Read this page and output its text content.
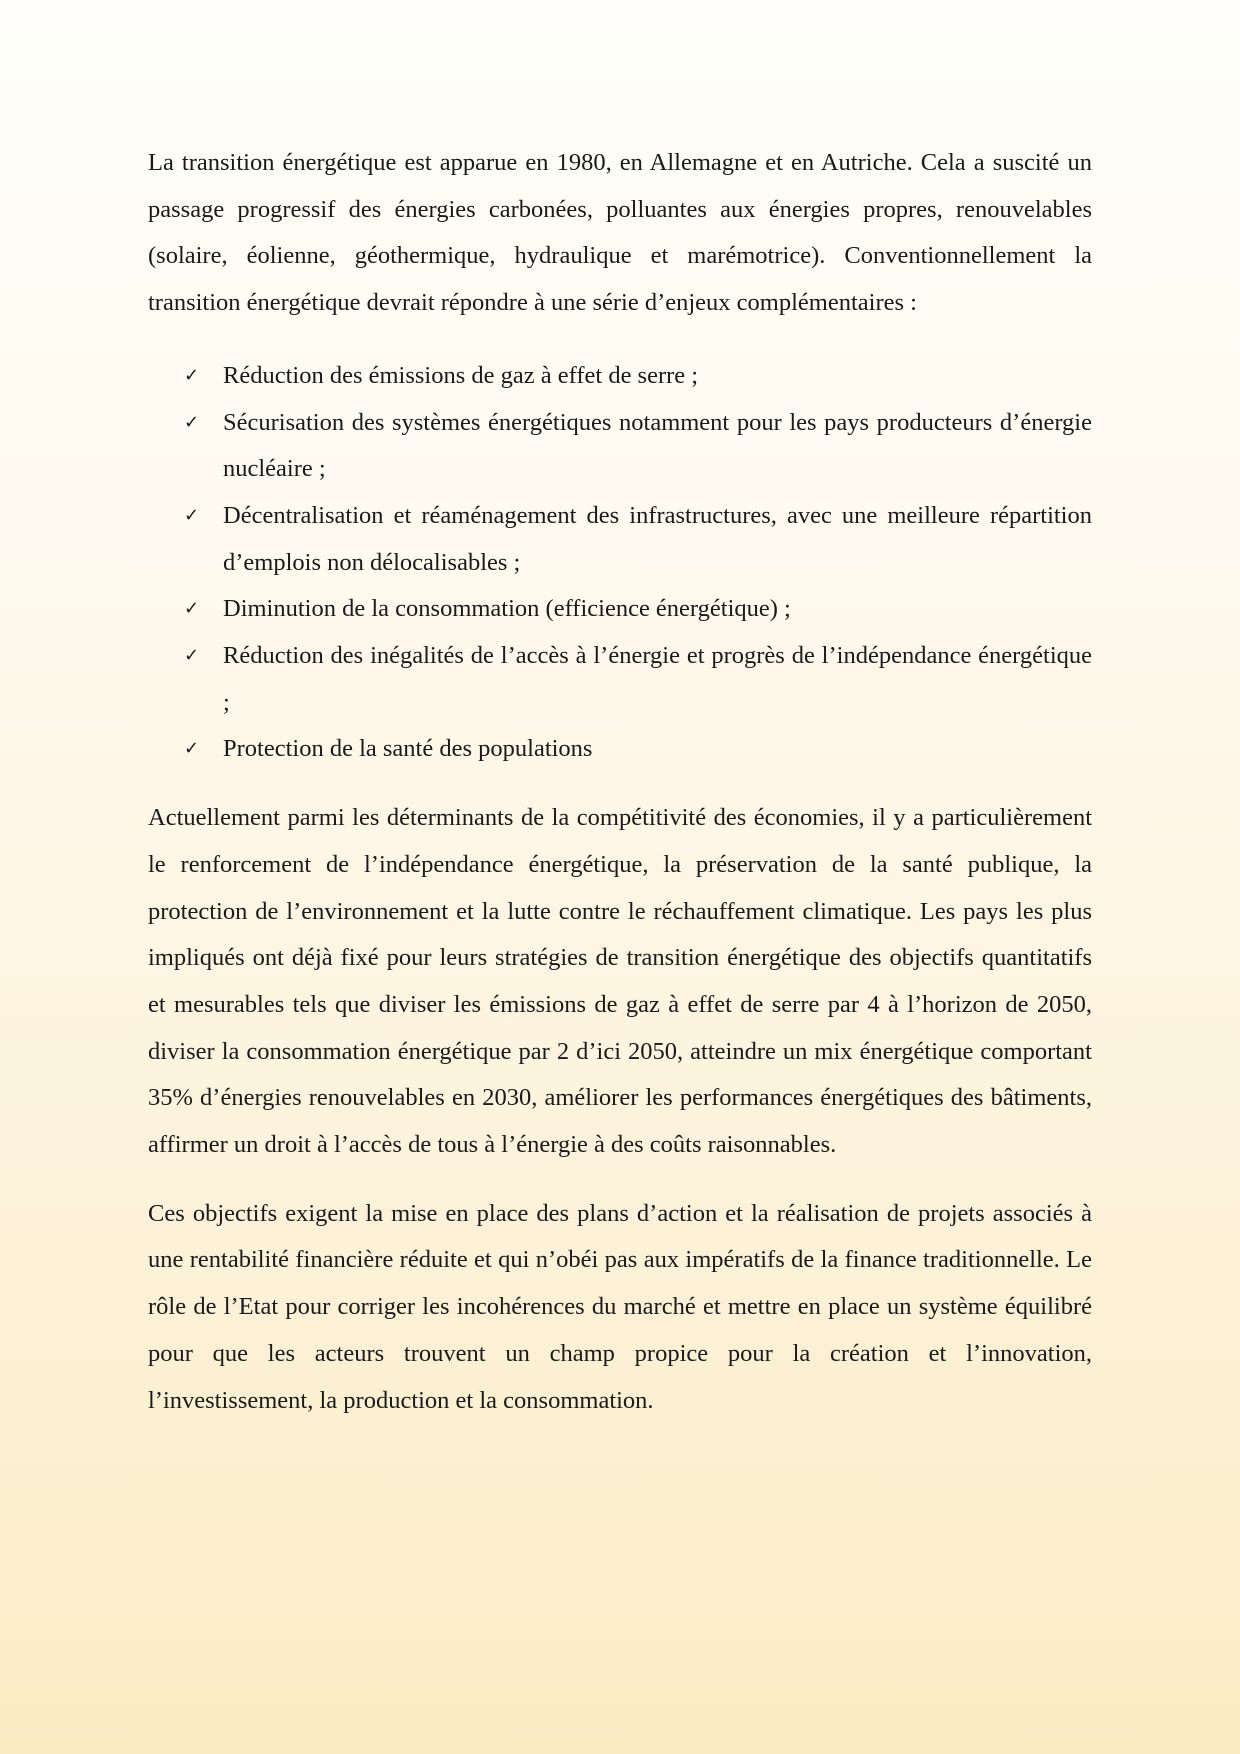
La transition énergétique est apparue en 1980, en Allemagne et en Autriche. Cela a suscité un passage progressif des énergies carbonées, polluantes aux énergies propres, renouvelables (solaire, éolienne, géothermique, hydraulique et marémotrice). Conventionnellement la transition énergétique devrait répondre à une série d’enjeux complémentaires :

✓ Réduction des émissions de gaz à effet de serre ;
✓ Sécurisation des systèmes énergétiques notamment pour les pays producteurs d’énergie nucléaire ;
✓ Décentralisation et réaménagement des infrastructures, avec une meilleure répartition d’emplois non délocalisables ;
✓ Diminution de la consommation (efficience énergétique) ;
✓ Réduction des inégalités de l’accès à l’énergie et progrès de l’indépendance énergétique ;
✓ Protection de la santé des populations

Actuellement parmi les déterminants de la compétitivité des économies, il y a particulièrement le renforcement de l’indépendance énergétique, la préservation de la santé publique, la protection de l’environnement et la lutte contre le réchauffement climatique. Les pays les plus impliqués ont déjà fixé pour leurs stratégies de transition énergétique des objectifs quantitatifs et mesurables tels que diviser les émissions de gaz à effet de serre par 4 à l’horizon de 2050, diviser la consommation énergétique par 2 d’ici 2050, atteindre un mix énergétique comportant 35% d’énergies renouvelables en 2030, améliorer les performances énergétiques des bâtiments, affirmer un droit à l’accès de tous à l’énergie à des coûts raisonnables.

Ces objectifs exigent la mise en place des plans d’action et la réalisation de projets associés à une rentabilité financière réduite et qui n’obéi pas aux impératifs de la finance traditionnelle. Le rôle de l’Etat pour corriger les incohérences du marché et mettre en place un système équilibré pour que les acteurs trouvent un champ propice pour la création et l’innovation, l’investissement, la production et la consommation.
